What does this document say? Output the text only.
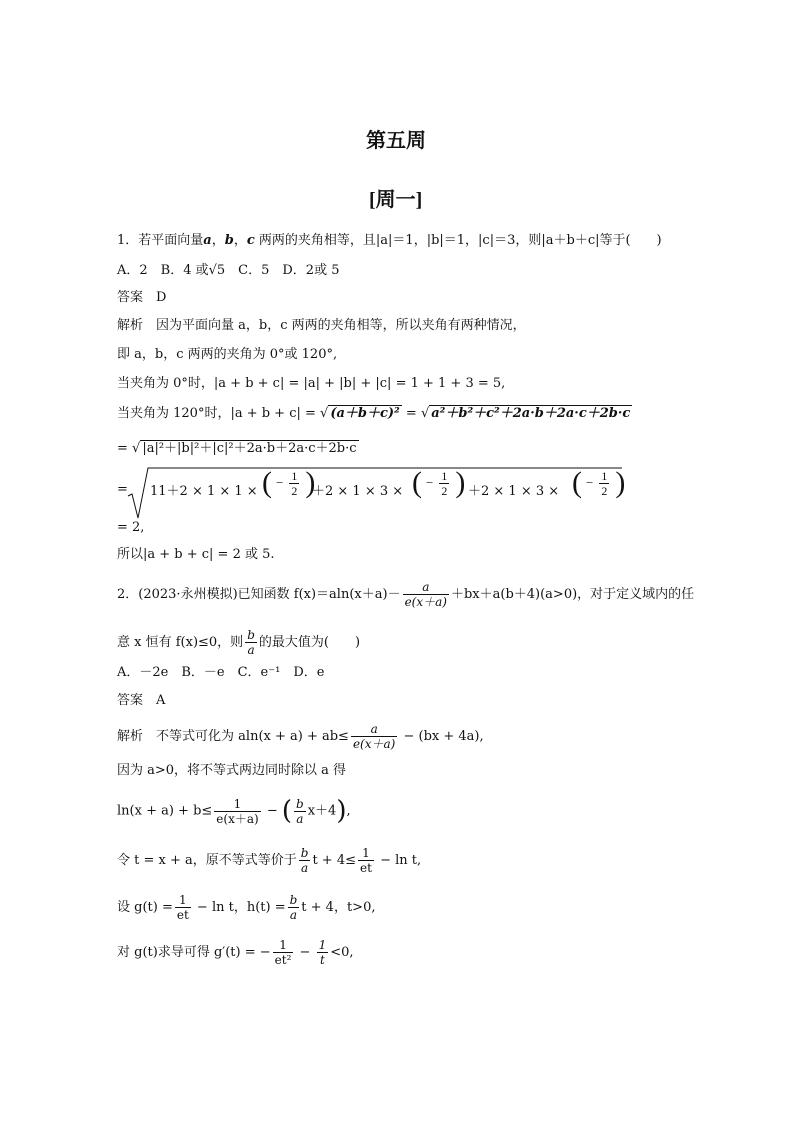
第五周
[周一]
1．若平面向量a，b，c 两两的夹角相等，且|a|＝1，|b|＝1，|c|＝3，则|a＋b＋c|等于(　　)
A．2　B．4 或√5　C．5　D．2或 5
答案　 D
解析　 因为平面向量 a，b，c 两两的夹角相等，所以夹角有两种情况，
即 a，b，c 两两的夹角为 0°或 120°,
当夹角为 0°时，|a + b + c| = |a| + |b| + |c| = 1 + 1 + 3 = 5,
当夹角为 120°时，|a + b + c| = √ (a＋b＋c)² = √ a²＋b²＋c²＋2a·b＋2a·c＋2b·c
= √ |a|²＋|b|²＋|c|²＋2a·b＋2a·c＋2b·c
= 11＋2 × 1 × 1 × ( − $\frac{1}{2}$ )
＋2 × 1 × 3 × ( − $\frac{1}{2}$ ) ＋2 × 1 × 3 × ( − $\frac{1}{2}$ )
= 2,
所以|a + b + c| = 2 或 5.
2．(2023·永州模拟)已知函数 $f(x)=aln(x+a)- \frac{a}{e(x+a)} +bx+a(b+4)(a>0)$，对于定义域内的任
意 x 恒有 f(x)≤0，则 $\frac{b}{a}$ 的最大值为(　　)
A．－2e　B．－e　C．e⁻¹　D．e
答案　 A
解析　 不等式可化为 $aln(x + a) + ab\le \frac{a}{e(x+a)} - (bx + 4a)$,
因为 a>0，将不等式两边同时除以 a 得
$\ln(x + a) + b\le \frac{1}{e(x+a)}$ − ( $\frac{b}{a} x+4$),
令 t = x + a，原不等式等价于 $\frac{b}{a}$ $t + 4\le \frac{1}{et} - \ln t$,
设 $g(t) = \frac{1}{et} - \ln t$，$h(t) = \frac{b}{a}$ t + 4，t>0,
对 g(t)求导可得 g′(t) = − $\frac{1}{\text{et²}} - \frac{1}{t} <0$,
